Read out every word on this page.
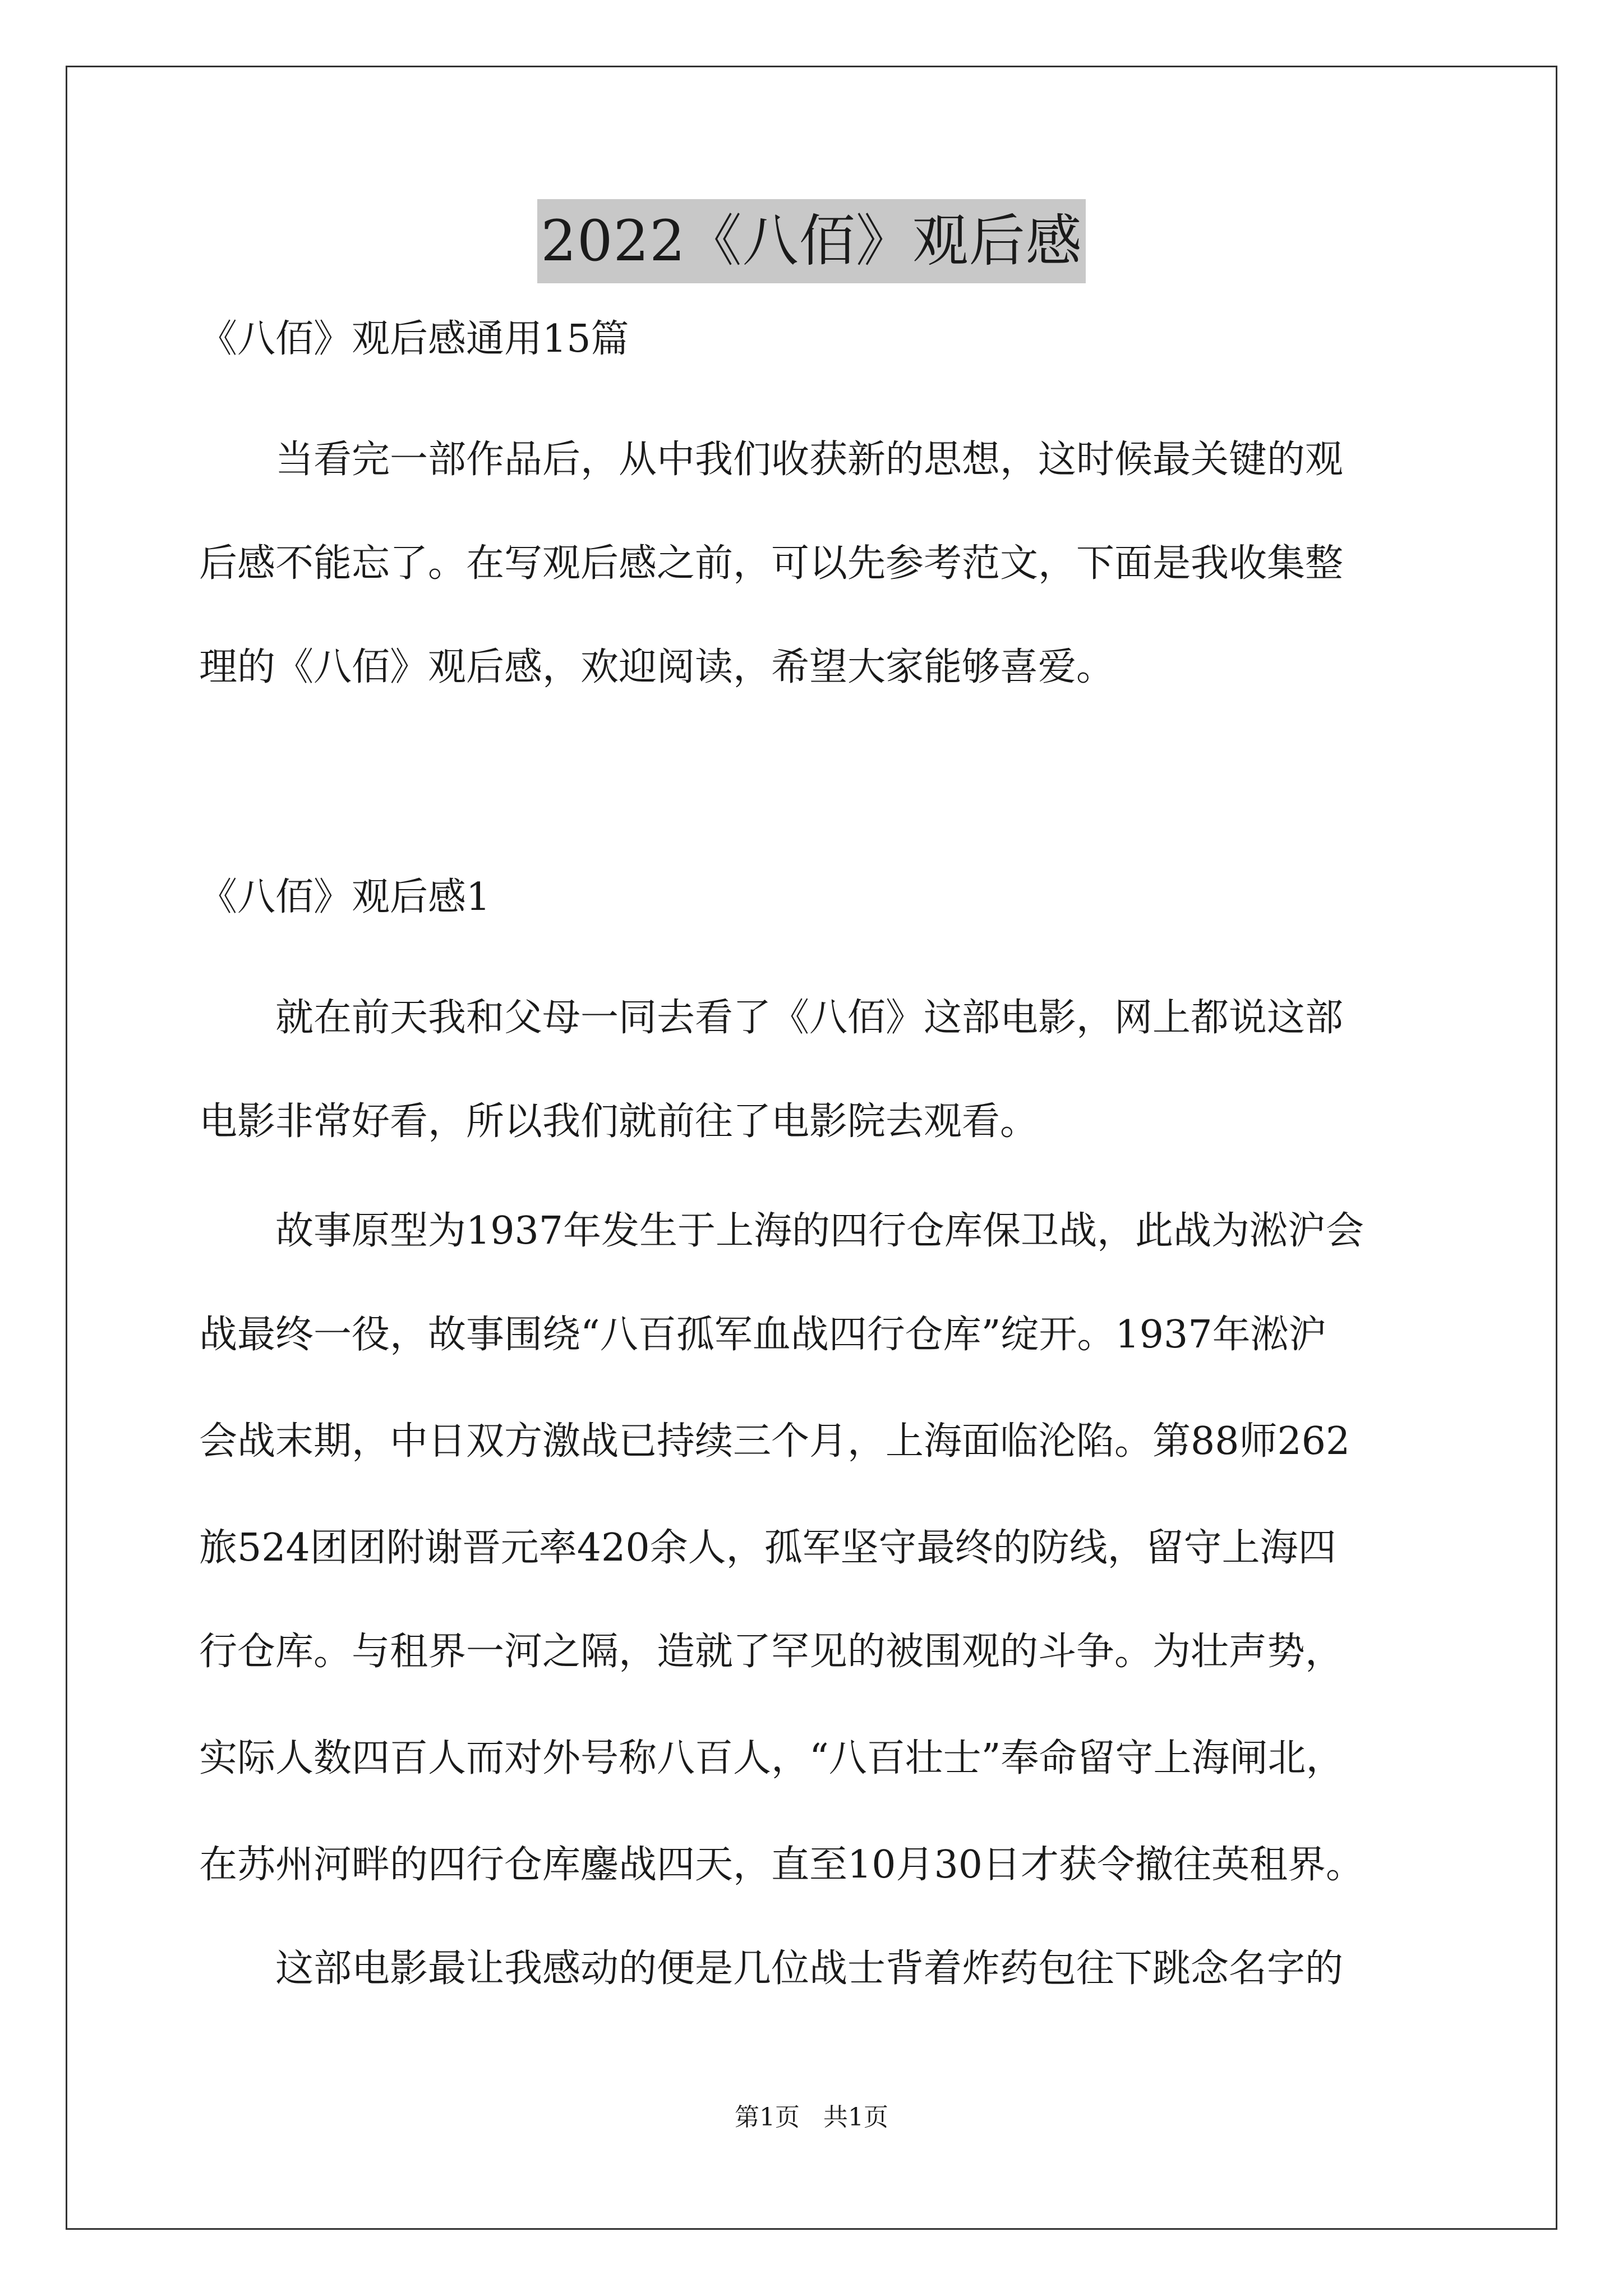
2022《八佰》观后感
《八佰》观后感通用15篇
　　当看完一部作品后，从中我们收获新的思想，这时候最关键的观
后感不能忘了。在写观后感之前，可以先参考范文，下面是我收集整
理的《八佰》观后感，欢迎阅读，希望大家能够喜爱。
《八佰》观后感1
　　就在前天我和父母一同去看了《八佰》这部电影，网上都说这部
电影非常好看，所以我们就前往了电影院去观看。
　　故事原型为1937年发生于上海的四行仓库保卫战，此战为淞沪会
战最终一役，故事围绕“八百孤军血战四行仓库”绽开。1937年淞沪
会战末期，中日双方激战已持续三个月，上海面临沦陷。第88师262
旅524团团附谢晋元率420余人，孤军坚守最终的防线，留守上海四
行仓库。与租界一河之隔，造就了罕见的被围观的斗争。为壮声势，
实际人数四百人而对外号称八百人，“八百壮士”奉命留守上海闸北，
在苏州河畔的四行仓库鏖战四天，直至10月30日才获令撤往英租界。
　　这部电影最让我感动的便是几位战士背着炸药包往下跳念名字的
第1页 共1页
